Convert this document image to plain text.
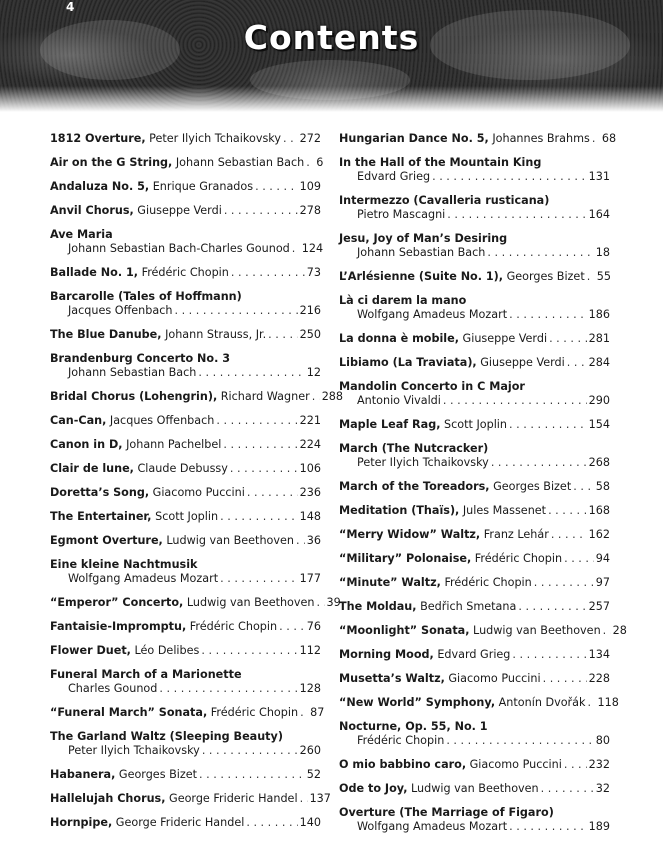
4
Contents
1812 Overture,
Peter Ilyich Tchaikovsky . . . 272
Air on the G String,
Johann Sebastian Bach . . . 6
Andaluza No. 5,
Enrique Granados . . .	109
Anvil Chorus,
Giuseppe Verdi . . .	278
Ave Maria
Johann Sebastian Bach-Charles Gounod . . . 124
Ballade No. 1,
Frédéric Chopin . . .	73
Barcarolle (Tales of Hoffmann)
Jacques Offenbach . . .	216
The Blue Danube,
Johann Strauss, Jr. . . .	250
Brandenburg Concerto No. 3
Johann Sebastian Bach . . .	12
Bridal Chorus (Lohengrin),
Richard Wagner . . . 288
Can-Can,
Jacques Offenbach . . .	221
Canon in D,
Johann Pachelbel . . .	224
Clair de lune,
Claude Debussy . . .	106
Doretta’s Song,
Giacomo Puccini . . .	236
The Entertainer,
Scott Joplin . . .	148
Egmont Overture,
Ludwig van Beethoven . . . 36
Eine kleine Nachtmusik
Wolfgang Amadeus Mozart . . .	177
“Emperor” Concerto,
Ludwig van Beethoven . . . 39
Fantaisie-Impromptu,
Frédéric Chopin . . .	76
Flower Duet,
Léo Delibes . . .	112
Funeral March of a Marionette
Charles Gounod . . .	128
“Funeral March” Sonata,
Frédéric Chopin . . . 87
The Garland Waltz (Sleeping Beauty)
Peter Ilyich Tchaikovsky . . .	260
Habanera,
Georges Bizet . . .	52
Hallelujah Chorus,
George Frideric Handel . . . 137
Hornpipe,
George Frideric Handel . . .	140
Hungarian Dance No. 5,
Johannes Brahms . . . 68
In the Hall of the Mountain King
Edvard Grieg . . .	131
Intermezzo (Cavalleria rusticana)
Pietro Mascagni . . .	164
Jesu, Joy of Man’s Desiring
Johann Sebastian Bach . . .	18
L’Arlésienne (Suite No. 1),
Georges Bizet . . . 55
Là ci darem la mano
Wolfgang Amadeus Mozart . . .	186
La donna è mobile,
Giuseppe Verdi . . .	281
Libiamo (La Traviata),
Giuseppe Verdi . . . 284
Mandolin Concerto in C Major
Antonio Vivaldi . . .	290
Maple Leaf Rag,
Scott Joplin . . .	154
March (The Nutcracker)
Peter Ilyich Tchaikovsky . . .	268
March of the Toreadors,
Georges Bizet . . . 58
Meditation (Thaïs),
Jules Massenet . . .	168
“Merry Widow” Waltz,
Franz Lehár . . .	162
“Military” Polonaise,
Frédéric Chopin . . .	94
“Minute” Waltz,
Frédéric Chopin . . .	97
The Moldau,
Bedřich Smetana . . .	257
“Moonlight” Sonata,
Ludwig van Beethoven . . . 28
Morning Mood,
Edvard Grieg . . .	134
Musetta’s Waltz,
Giacomo Puccini . . .	228
“New World” Symphony,
Antonín Dvořák . . . 118
Nocturne, Op. 55, No. 1
Frédéric Chopin . . .	80
O mio babbino caro,
Giacomo Puccini . . . 232
Ode to Joy,
Ludwig van Beethoven . . .	32
Overture (The Marriage of Figaro)
Wolfgang Amadeus Mozart . . .	189
